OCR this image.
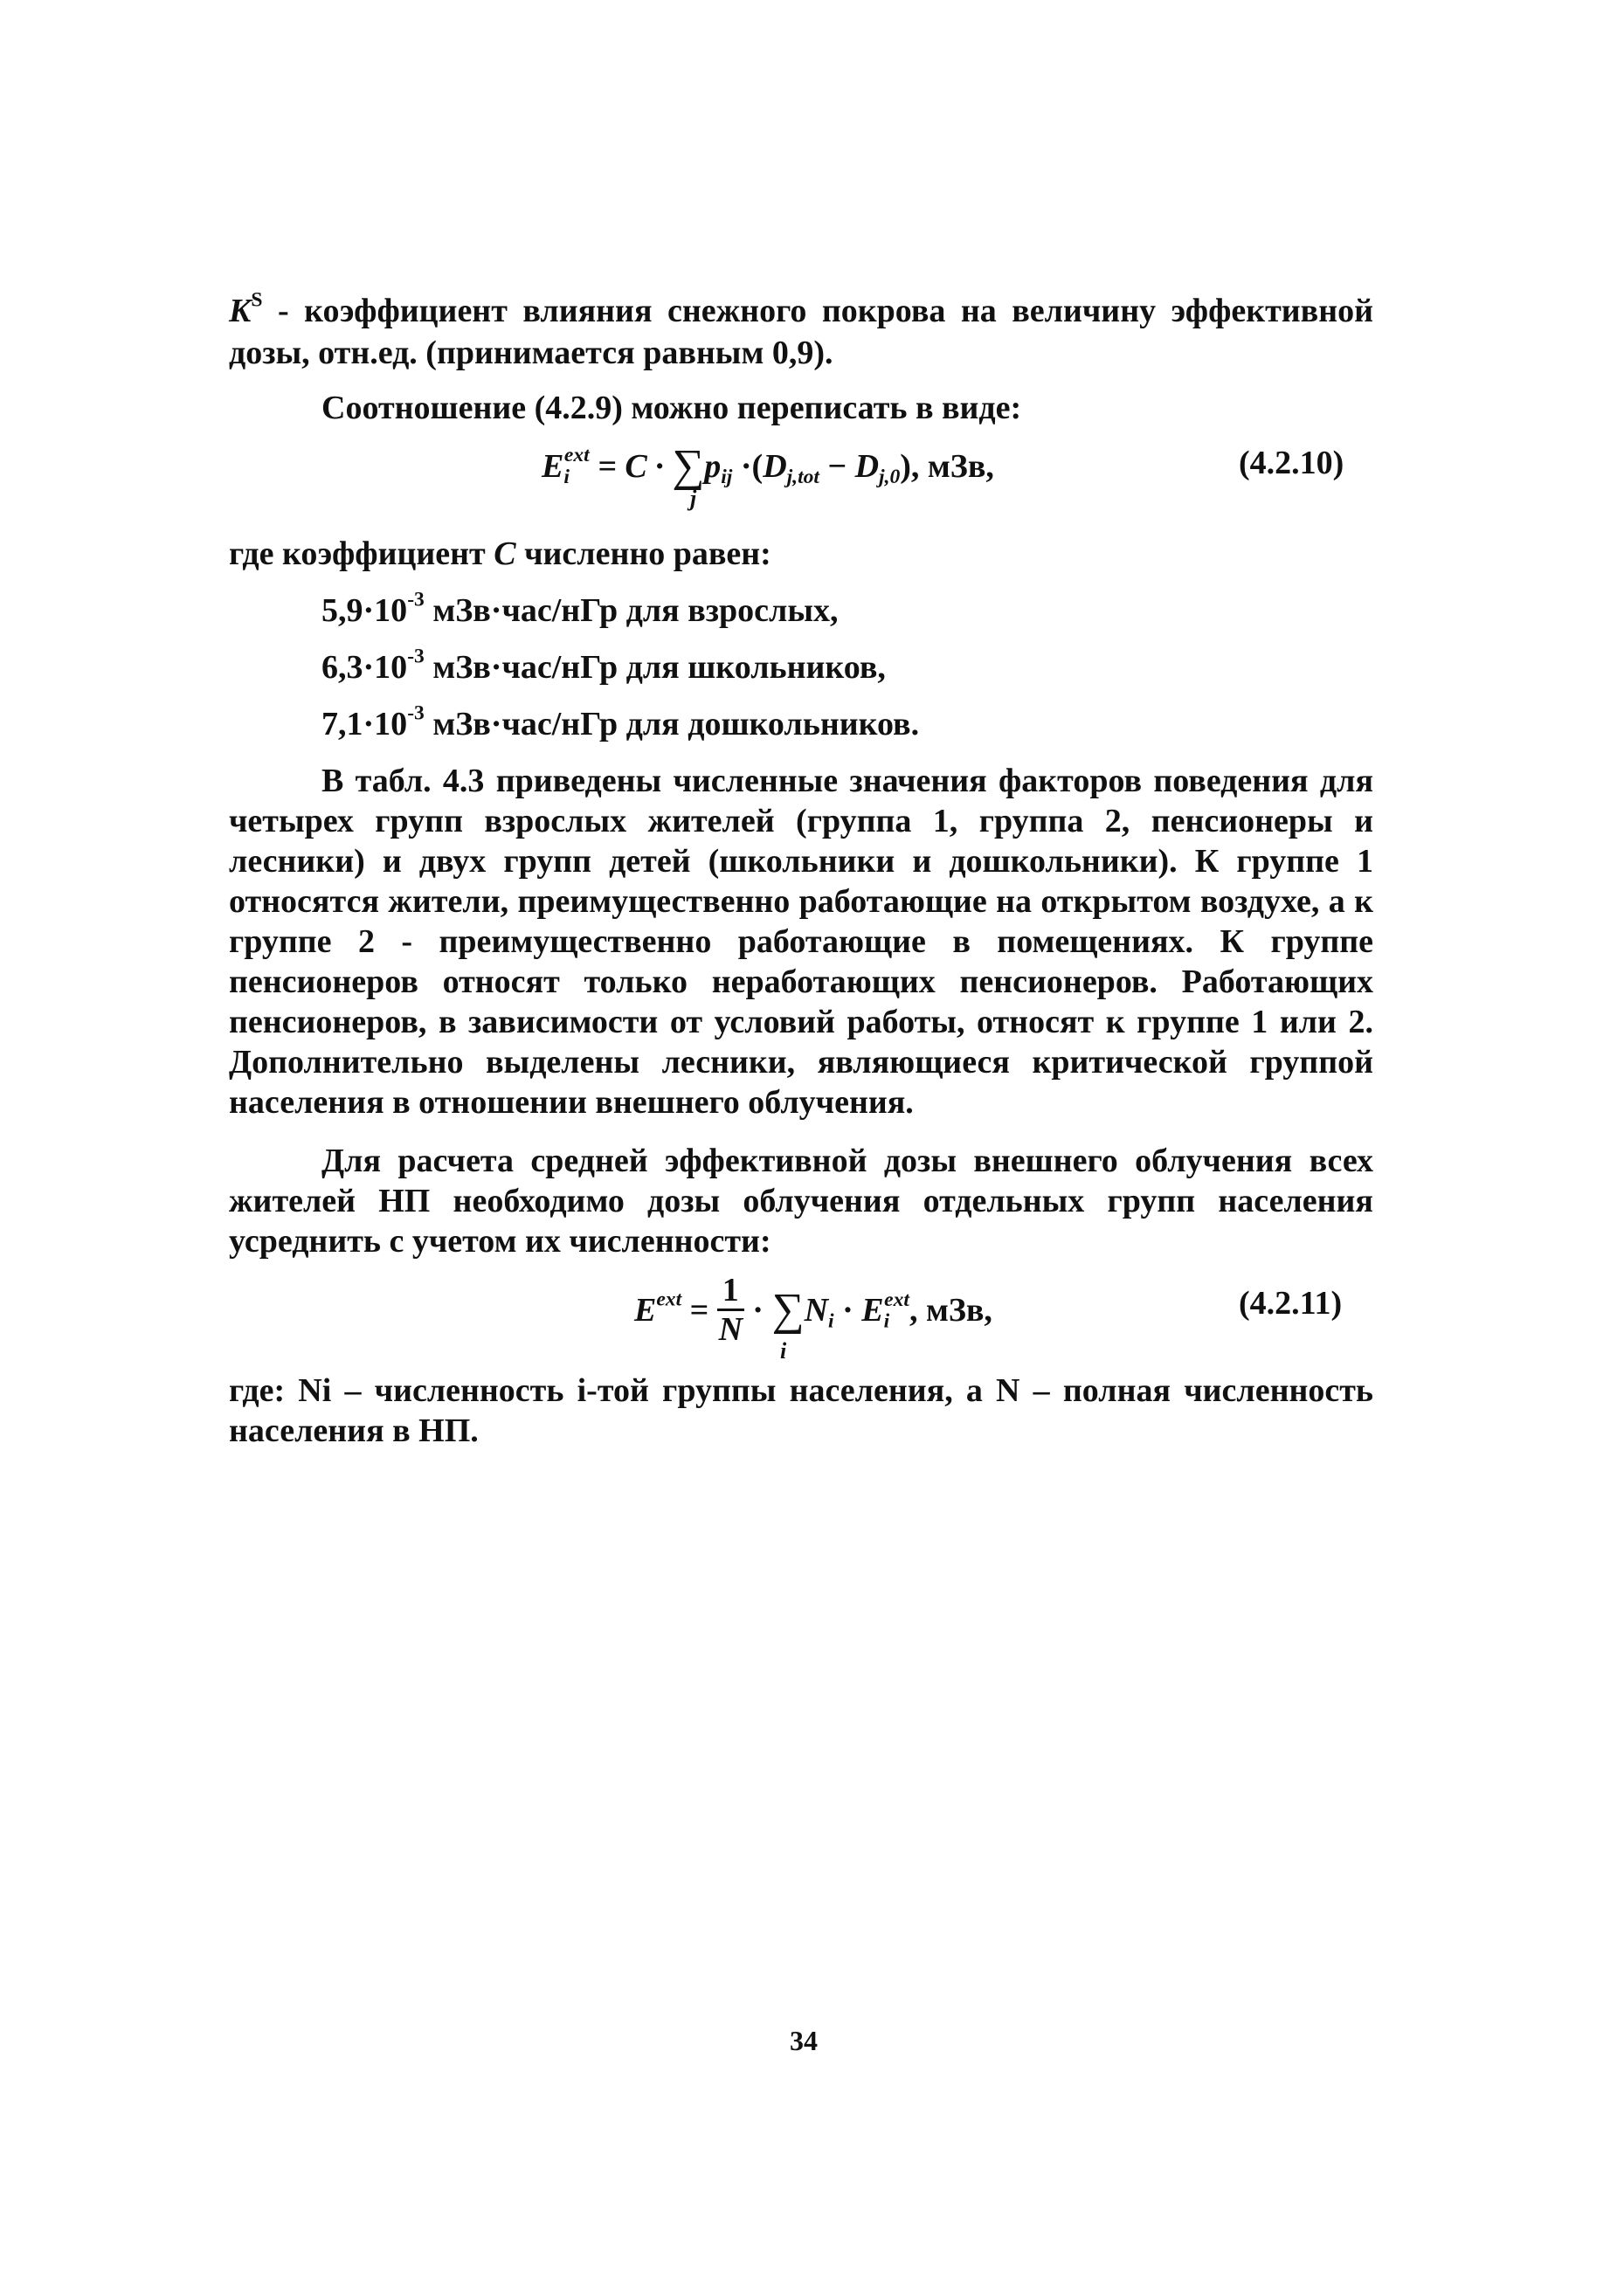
$K^S$ - коэффициент влияния снежного покрова на величину эффективной
дозы, отн.ед. (принимается равным 0,9).
Соотношение (4.2.9) можно переписать в виде:
$E_i^{ext} = C \cdot \sum p_{ij} \cdot(D_{j,tot} - D_{j,0})$, мЗв,
j
(4.2.10)
где коэффициент C численно равен:
$5,9\cdot 10^{-3}$ мЗв·час/нГр для взрослых,
$6,3\cdot 10^{-3}$ мЗв·час/нГр для школьников,
$7,1\cdot 10^{-3}$ мЗв·час/нГр для дошкольников.
В табл. 4.3 приведены численные значения факторов поведения для
четырех групп взрослых жителей (группа 1, группа 2, пенсионеры и
лесники) и двух групп детей (школьники и дошкольники). К группе 1
относятся жители, преимущественно работающие на открытом воздухе, а к
группе 2 - преимущественно работающие в помещениях. К группе
пенсионеров относят только неработающих пенсионеров. Работающих
пенсионеров, в зависимости от условий работы, относят к группе 1 или 2.
Дополнительно выделены лесники, являющиеся критической группой
населения в отношении внешнего облучения.
Для расчета средней эффективной дозы внешнего облучения всех
жителей НП необходимо дозы облучения отдельных групп населения
усреднить с учетом их численности:
$E^{ext} = \frac{1}{N} \cdot \sum N_i \cdot E_i^{ext}$, мЗв,
i
(4.2.11)
где: Ni – численность i-той группы населения, а N – полная численность
населения в НП.
34
